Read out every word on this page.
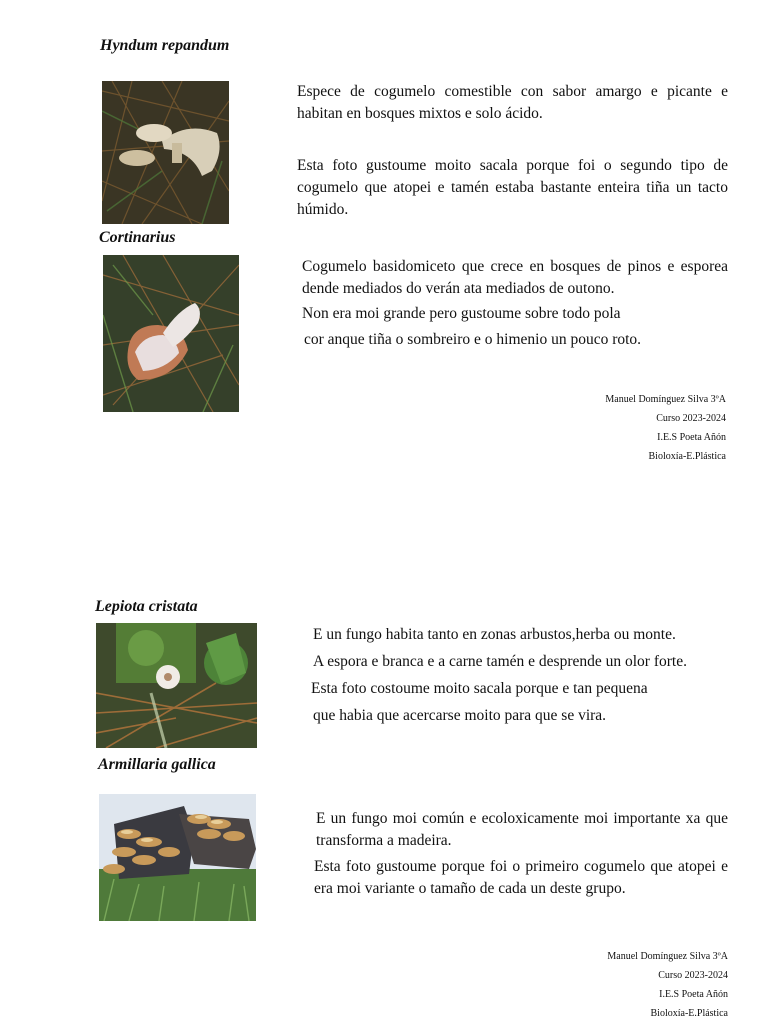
Hyndum repandum
Espece de cogumelo comestible con sabor amargo e picante e habitan en bosques mixtos e solo ácido.
Esta foto gustoume moito sacala porque foi o segundo tipo de cogumelo que atopei e tamén estaba bastante enteira tiña un tacto húmido.
Cortinarius
Cogumelo basidomiceto que crece en bosques de pinos e esporea dende mediados do verán ata mediados de outono.
Non era moi grande pero gustoume sobre todo pola
cor anque tiña o sombreiro e o himenio un pouco roto.
Manuel Domínguez Silva 3ºA
Curso 2023-2024
I.E.S Poeta Añón
Bioloxía-E.Plástica
Lepiota cristata
E un fungo habita tanto en zonas arbustos,herba ou monte.
A espora e branca e a carne tamén e desprende un olor forte.
Esta foto costoume moito sacala porque e tan pequena
que habia que acercarse moito para que se vira.
Armillaria gallica
E un fungo moi común e ecoloxicamente moi importante xa que transforma a madeira.
Esta foto gustoume porque foi o primeiro cogumelo que atopei e era moi variante o tamaño de cada un deste grupo.
Manuel Domínguez Silva 3ºA
Curso 2023-2024
I.E.S Poeta Añón
Bioloxía-E.Plástica
